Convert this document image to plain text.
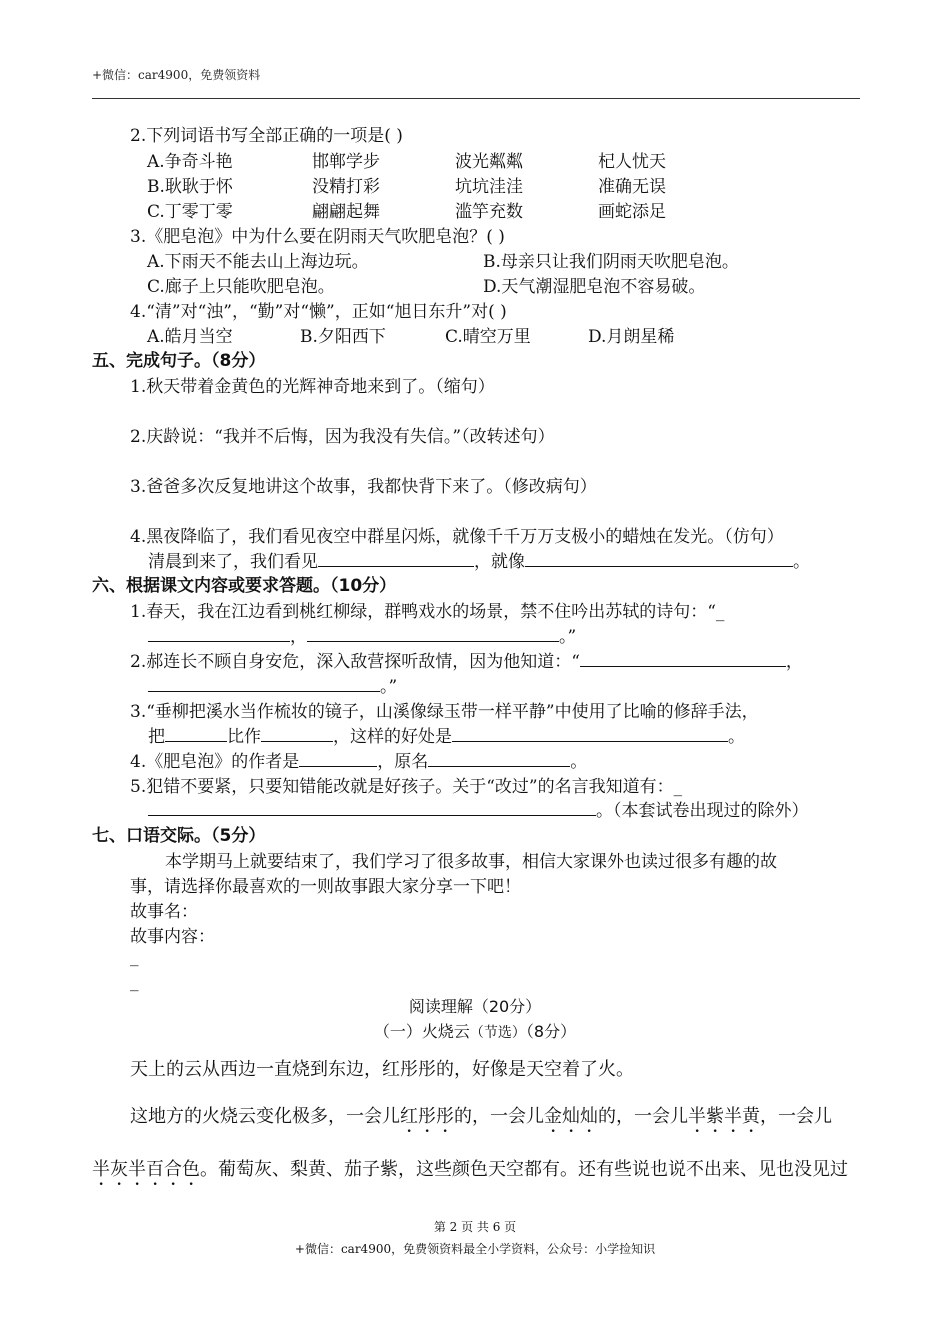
+微信：car4900，免费领资料
2.下列词语书写全部正确的一项是( )
A.争奇斗艳	邯郸学步	波光粼粼	杞人忧天
B.耿耿于怀	没精打彩	坑坑洼洼	准确无误
C.丁零丁零	翩翩起舞	滥竽充数	画蛇添足
3.《肥皂泡》中为什么要在阴雨天气吹肥皂泡？( )
A.下雨天不能去山上海边玩。	B.母亲只让我们阴雨天吹肥皂泡。
C.廊子上只能吹肥皂泡。	D.天气潮湿肥皂泡不容易破。
4.“清”对“浊”，“勤”对“懒”，正如“旭日东升”对( )
A.皓月当空	B.夕阳西下	C.晴空万里	D.月朗星稀
五、完成句子。（8分）
1.秋天带着金黄色的光辉神奇地来到了。（缩句）
2.庆龄说：“我并不后悔，因为我没有失信。”（改转述句）
3.爸爸多次反复地讲这个故事，我都快背下来了。（修改病句）
4.黑夜降临了，我们看见夜空中群星闪烁，就像千千万万支极小的蜡烛在发光。（仿句）
清晨到来了，我们看见	，就像	。
六、根据课文内容或要求答题。（10分）
1.春天，我在江边看到桃红柳绿，群鸭戏水的场景，禁不住吟出苏轼的诗句：“_
，	。”
2.郝连长不顾自身安危，深入敌营探听敌情，因为他知道：“	，
。”
3.“垂柳把溪水当作梳妆的镜子，山溪像绿玉带一样平静”中使用了比喻的修辞手法，
把	比作	，这样的好处是	。
4.《肥皂泡》的作者是	，原名	。
5.犯错不要紧，只要知错能改就是好孩子。关于“改过”的名言我知道有：_
。（本套试卷出现过的除外）
七、口语交际。（5分）
本学期马上就要结束了，我们学习了很多故事，相信大家课外也读过很多有趣的故
事，请选择你最喜欢的一则故事跟大家分享一下吧！
故事名：
故事内容：
_
_
阅读理解（20分）
（一）火烧云（节选）（8分）
天上的云从西边一直烧到东边，红彤彤的，好像是天空着了火。
这地方的火烧云变化极多，一会儿红彤彤的，一会儿金灿灿的，一会儿半紫半黄，一会儿
半灰半百合色。葡萄灰、梨黄、茄子紫，这些颜色天空都有。还有些说也说不出来、见也没见过
第 2 页 共 6 页
+微信：car4900，免费领资料最全小学资料，公众号：小学捡知识
